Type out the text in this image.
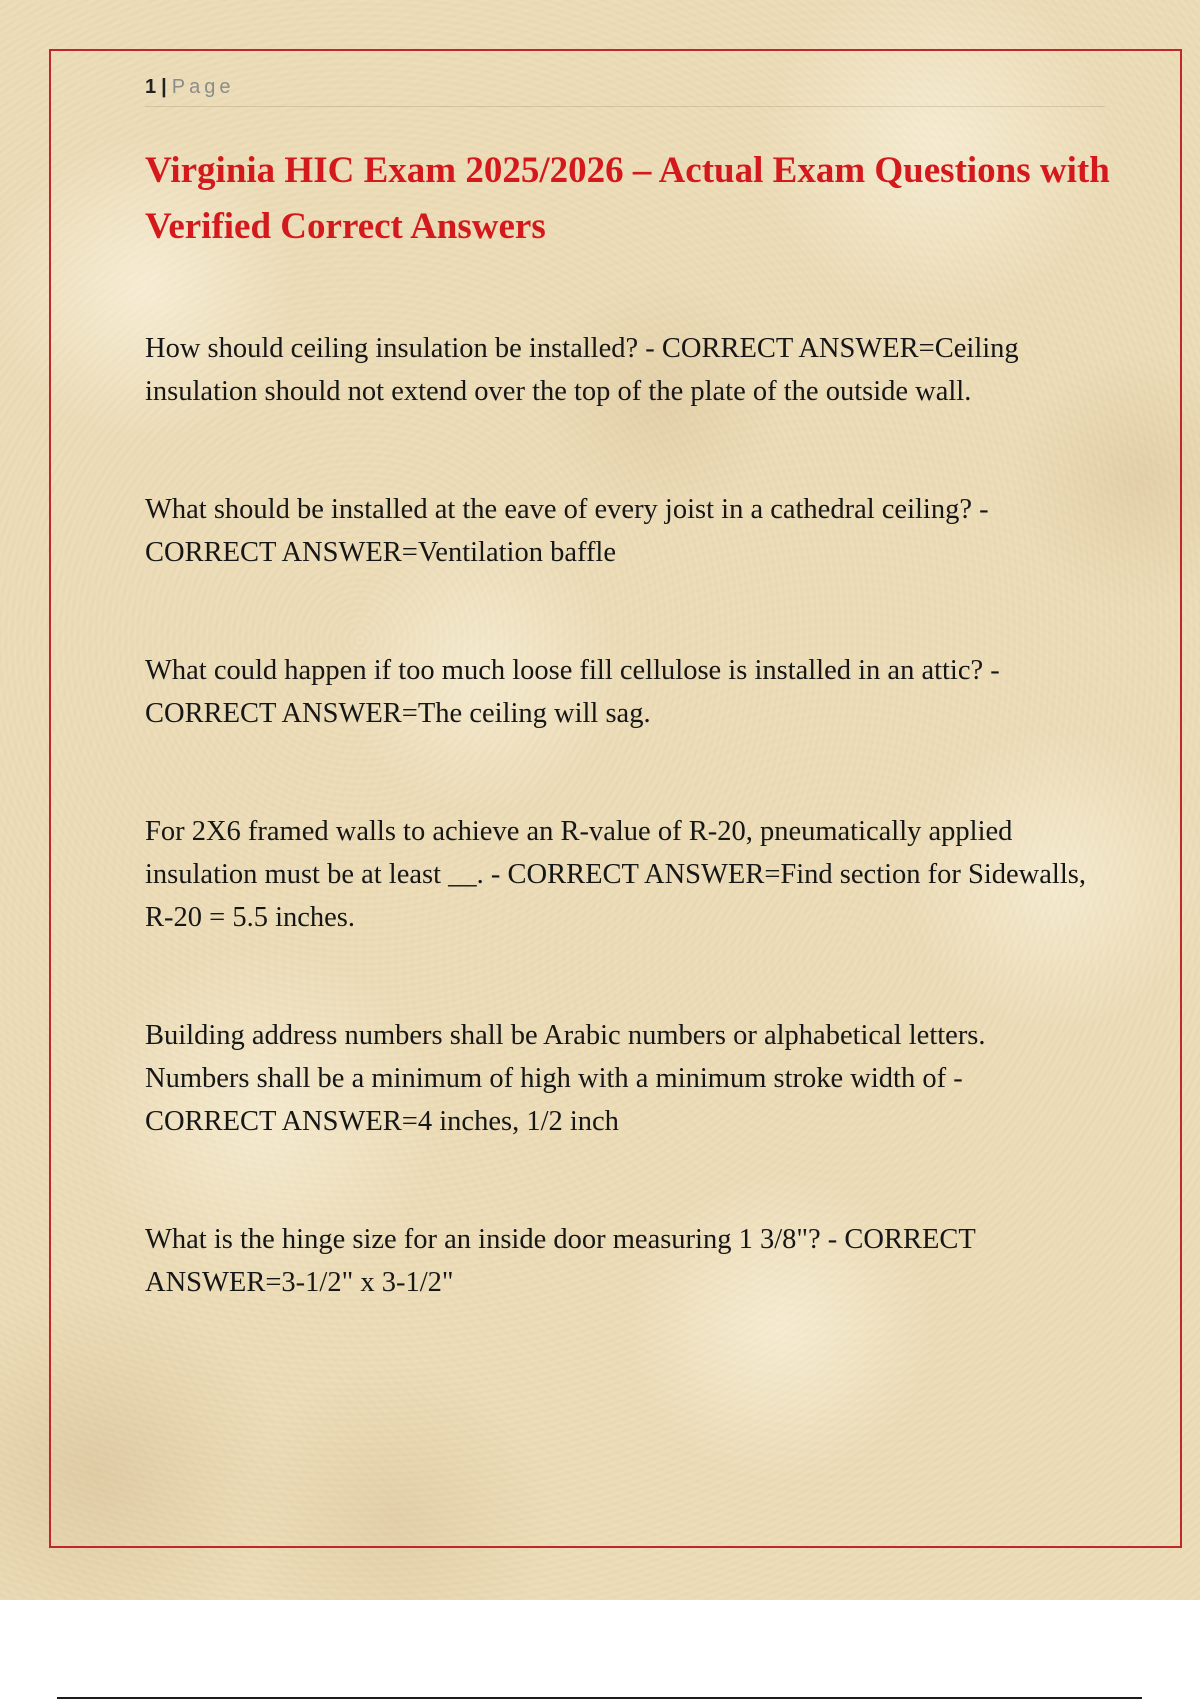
1 | Page
Virginia HIC Exam 2025/2026 – Actual Exam Questions with Verified Correct Answers
How should ceiling insulation be installed? - CORRECT ANSWER=Ceiling insulation should not extend over the top of the plate of the outside wall.
What should be installed at the eave of every joist in a cathedral ceiling? - CORRECT ANSWER=Ventilation baffle
What could happen if too much loose fill cellulose is installed in an attic? - CORRECT ANSWER=The ceiling will sag.
For 2X6 framed walls to achieve an R-value of R-20, pneumatically applied insulation must be at least __. - CORRECT ANSWER=Find section for Sidewalls, R-20 = 5.5 inches.
Building address numbers shall be Arabic numbers or alphabetical letters. Numbers shall be a minimum of high with a minimum stroke width of - CORRECT ANSWER=4 inches, 1/2 inch
What is the hinge size for an inside door measuring 1 3/8"? - CORRECT ANSWER=3-1/2" x 3-1/2"
